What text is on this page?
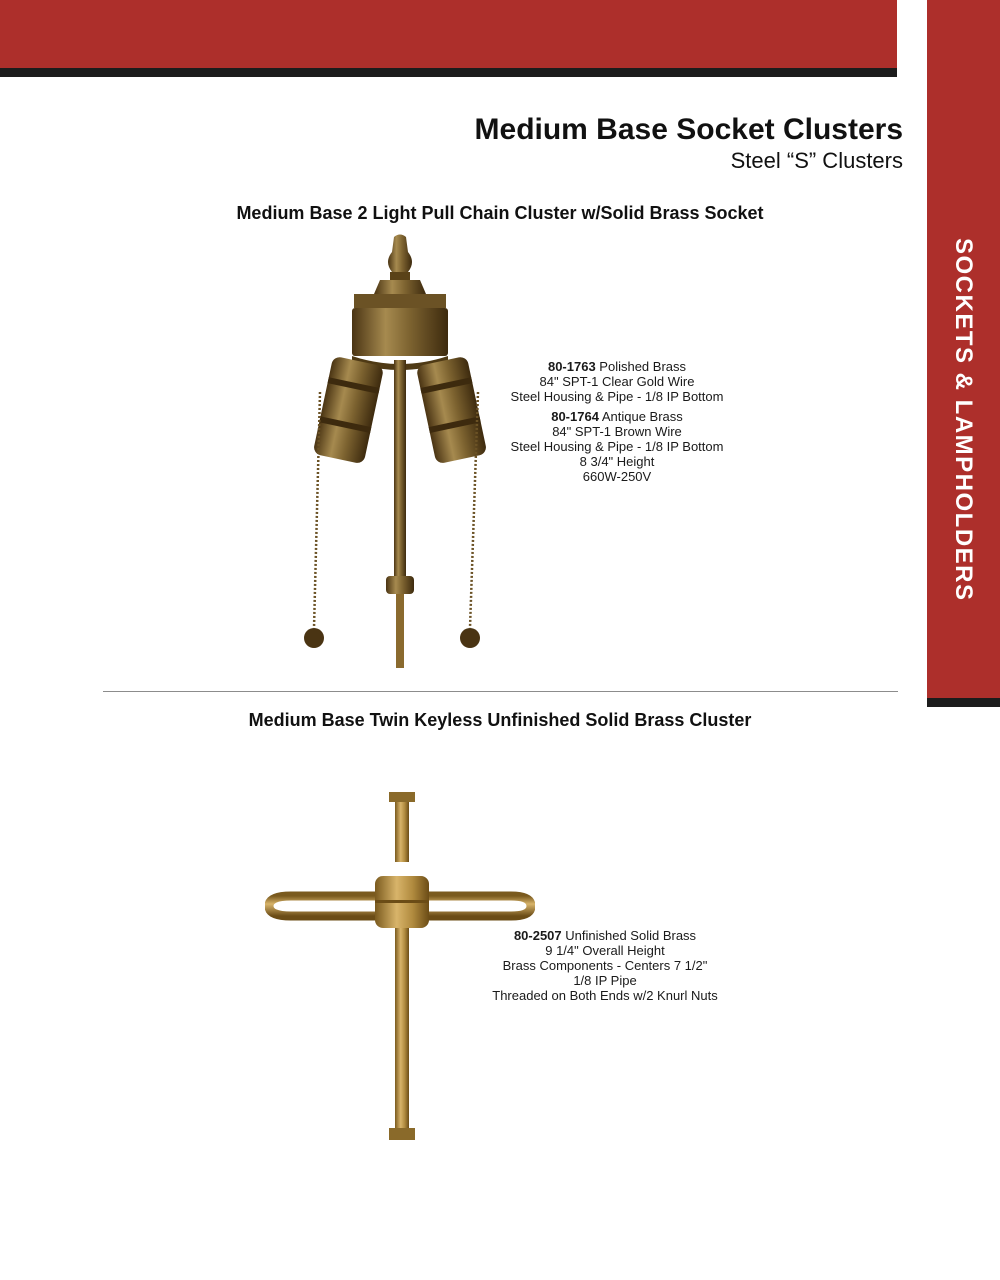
SOCKETS & LAMPHOLDERS
Medium Base Socket Clusters
Steel “S” Clusters
Medium Base 2 Light Pull Chain Cluster w/Solid Brass Socket
80-1763 Polished Brass
84" SPT-1 Clear Gold Wire
Steel Housing & Pipe - 1/8 IP Bottom
80-1764 Antique Brass
84" SPT-1 Brown Wire
Steel Housing & Pipe - 1/8 IP Bottom
8 3/4" Height
660W-250V
Medium Base Twin Keyless Unfinished Solid Brass Cluster
80-2507 Unfinished Solid Brass
9 1/4" Overall Height
Brass Components - Centers 7 1/2"
1/8 IP Pipe
Threaded on Both Ends w/2 Knurl Nuts
